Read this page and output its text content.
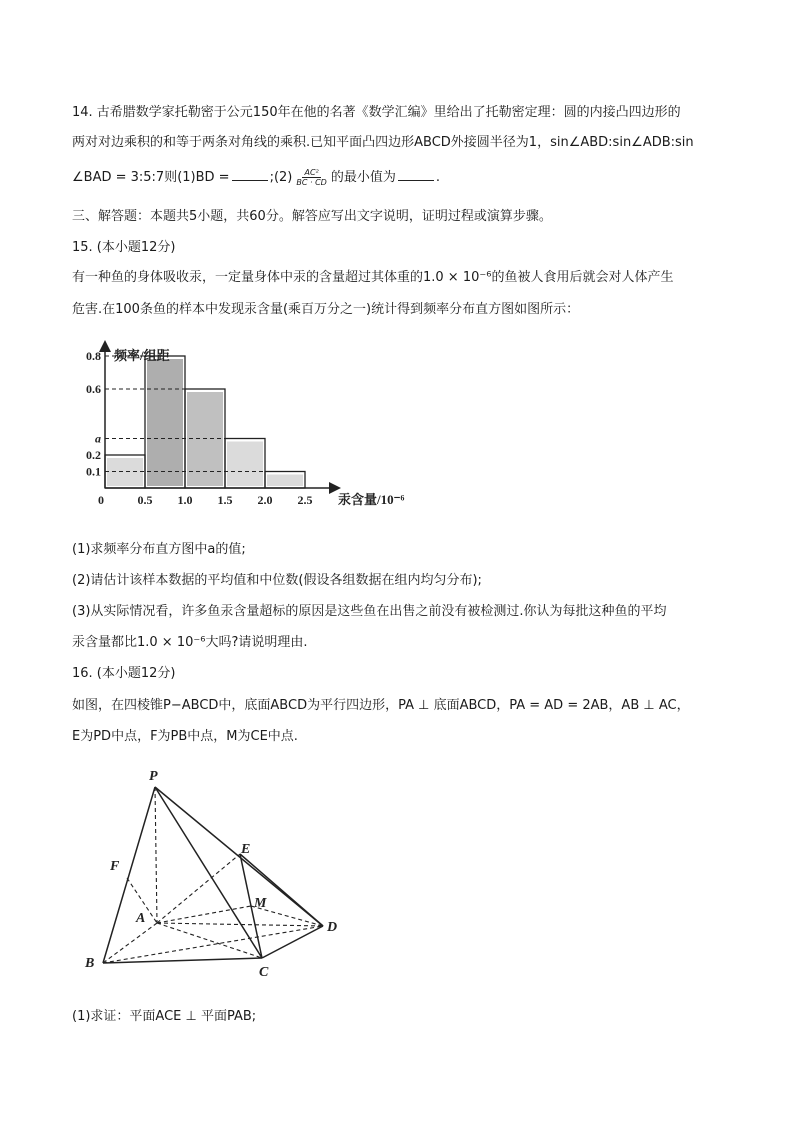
14. 古希腊数学家托勒密于公元150年在他的名著《数学汇编》里给出了托勒密定理：圆的内接凸四边形的
两对对边乘积的和等于两条对角线的乘积.已知平面凸四边形ABCD外接圆半径为1，sin∠ABD:sin∠ADB:sin
∠BAD = 3:5:7则(1)BD =	;(2) $\frac{\text{AC²}}{BC \cdot CD}$ 的最小值为	.
三、解答题：本题共5小题，共60分。解答应写出文字说明，证明过程或演算步骤。
15. (本小题12分)
有一种鱼的身体吸收汞，一定量身体中汞的含量超过其体重的1.0 × 10⁻⁶的鱼被人食用后就会对人体产生
危害.在100条鱼的样本中发现汞含量(乘百万分之一)统计得到频率分布直方图如图所示：
频率/组距
汞含量/10⁻⁶
0.2
0.8
0.6
a
0.1
0	0.5 1.0 1.5 2.0 2.5
(1)求频率分布直方图中a的值;
(2)请估计该样本数据的平均值和中位数(假设各组数据在组内均匀分布);
(3)从实际情况看，许多鱼汞含量超标的原因是这些鱼在出售之前没有被检测过.你认为每批这种鱼的平均
汞含量都比1.0 × 10⁻⁶大吗?请说明理由.
16. (本小题12分)
如图，在四棱锥P−ABCD中，底面ABCD为平行四边形，PA ⊥ 底面ABCD，PA = AD = 2AB，AB ⊥ AC，
E为PD中点，F为PB中点，M为CE中点.
P
F
E
M
A
D
B
C
(1)求证：平面ACE ⊥ 平面PAB;
